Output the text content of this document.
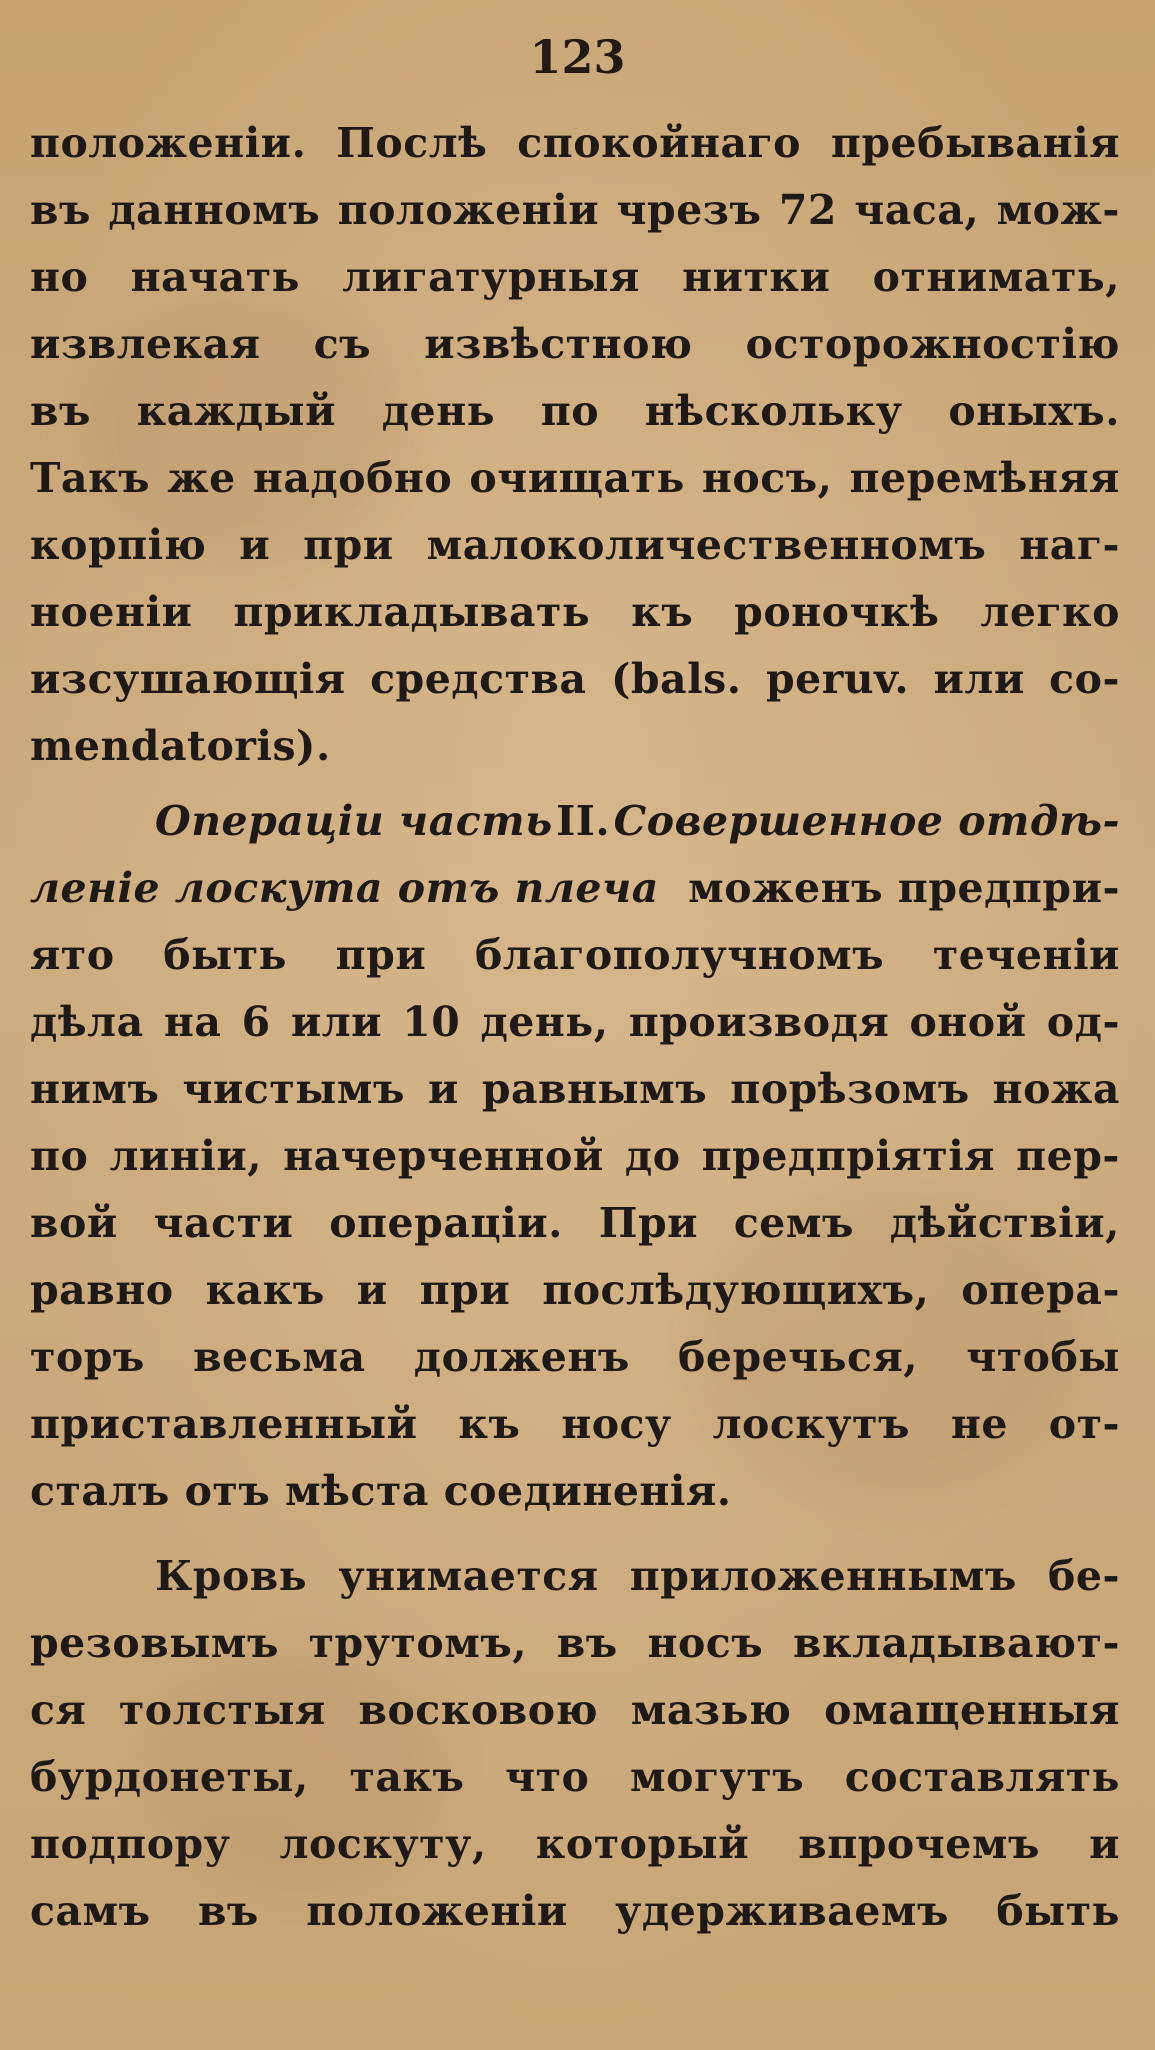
123
положеніи. Послѣ спокойнаго пребыванія
въ данномъ положеніи чрезъ 72 часа, мож-
но начать лигатурныя нитки отнимать,
извлекая съ извѣстною осторожностію
въ каждый день по нѣскольку оныхъ.
Такъ же надобно очищать носъ, перемѣняя
корпію и при малоколичественномъ наг-
ноеніи прикладывать къ роночкѣ легко
изсушающія средства (bals. peruv. или со-
mendatoris).
Операціи часть II. Совершенное отдѣ-
леніе лоскута отъ плеча моженъ предпри-
ято быть при благополучномъ теченіи
дѣла на 6 или 10 день, производя оной од-
нимъ чистымъ и равнымъ порѣзомъ ножа
по линіи, начерченной до предпріятія пер-
вой части операціи. При семъ дѣйствіи,
равно какъ и при послѣдующихъ, опера-
торъ весьма долженъ беречься, чтобы
приставленный къ носу лоскутъ не от-
сталъ отъ мѣста соединенія.
Кровь унимается приложеннымъ бе-
резовымъ трутомъ, въ носъ вкладывают-
ся толстыя восковою мазью омащенныя
бурдонеты, такъ что могутъ составлять
подпору лоскуту, который впрочемъ и
самъ въ положеніи удерживаемъ быть
